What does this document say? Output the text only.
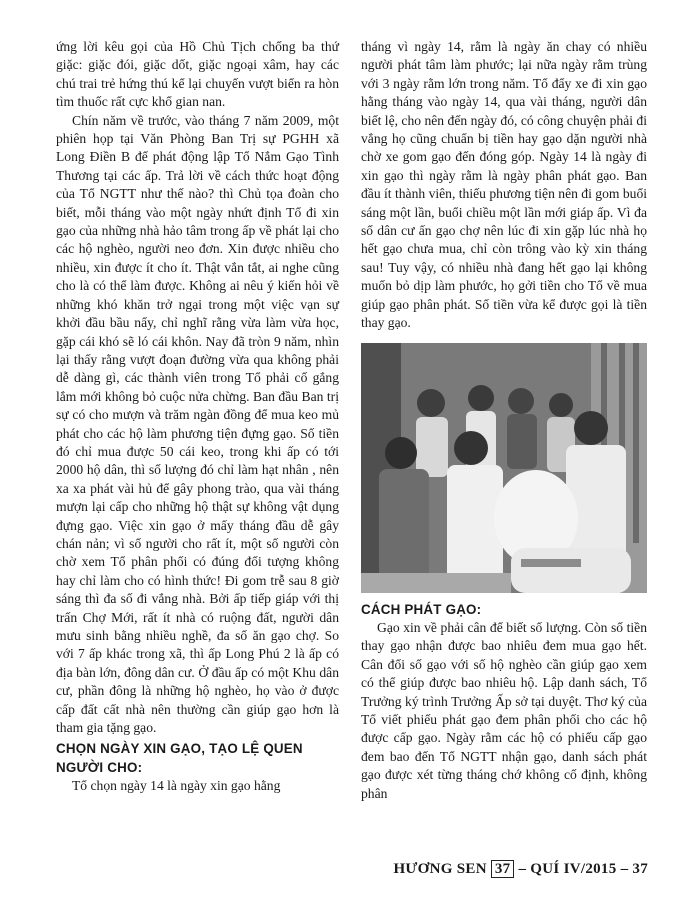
ứng lời kêu gọi của Hồ Chủ Tịch chống ba thứ giặc: giặc đói, giặc dốt, giặc ngoại xâm, hay các chú trai trẻ hứng thú kể lại chuyến vượt biển ra hòn tìm thuốc rất cực khổ gian nan.

Chín năm về trước, vào tháng 7 năm 2009, một phiên họp tại Văn Phòng Ban Trị sự PGHH xã Long Điền B để phát động lập Tổ Nắm Gạo Tình Thương tại các ấp. Trả lời về cách thức hoạt động của Tổ NGTT như thế nào? thì Chủ tọa đoàn cho biết, mỗi tháng vào một ngày nhứt định Tổ đi xin gạo của những nhà hảo tâm trong ấp về phát lại cho các hộ nghèo, người neo đơn. Xin được nhiều cho nhiều, xin được ít cho ít. Thật vắn tắt, ai nghe cũng cho là có thể làm được. Không ai nêu ý kiến hỏi về những khó khăn trở ngại trong một việc vạn sự khởi đầu bầu nẩy, chỉ nghĩ rằng vừa làm vừa học, gặp cái khó sẽ ló cái khôn. Nay đã tròn 9 năm, nhìn lại thấy rằng vượt đoạn đường vừa qua không phải dễ dàng gì, các thành viên trong Tổ phải cố gắng lắm mới không bỏ cuộc nửa chừng. Ban đầu Ban trị sự có cho mượn và trăm ngàn đồng để mua keo mủ phát cho các hộ làm phương tiện đựng gạo. Số tiền đó chỉ mua được 50 cái keo, trong khi ấp có tới 2000 hộ dân, thì số lượng đó chỉ làm hạt nhân , nên xa xa phát vài hủ để gây phong trào, qua vài tháng mượn lại cấp cho những hộ thật sự không vật dụng đựng gạo. Việc xin gạo ở mấy tháng đầu dễ gây chán nản; vì số người cho rất ít, một số người còn chờ xem Tổ phân phối có đúng đối tượng không hay chỉ làm cho có hình thức! Đi gom trễ sau 8 giờ sáng thì đa số đi vắng nhà. Bởi ấp tiếp giáp với thị trấn Chợ Mới, rất ít nhà có ruộng đất, người dân mưu sinh bằng nhiều nghề, đa số ăn gạo chợ. So với 7 ấp khác trong xã, thì ấp Long Phú 2 là ấp có địa bàn lớn, đông dân cư. Ở đầu ấp có một Khu dân cư, phần đông là những hộ nghèo, họ vào ở được cấp đất cất nhà nên thường cần giúp gạo hơn là tham gia tặng gạo.

CHỌN NGÀY XIN GẠO, TẠO LỆ QUEN NGƯỜI CHO:

Tổ chọn ngày 14 là ngày xin gạo hằng

tháng vì ngày 14, rằm là ngày ăn chay có nhiều người phát tâm làm phước; lại nữa ngày rằm trùng với 3 ngày rằm lớn trong năm. Tổ đẩy xe đi xin gạo hằng tháng vào ngày 14, qua vài tháng, người dân biết lệ, cho nên đến ngày đó, có công chuyện phải đi vắng họ cũng chuẩn bị tiền hay gạo dặn người nhà chờ xe gom gạo đến đóng góp. Ngày 14 là ngày đi xin gạo thì ngày rằm là ngày phân phát gạo. Ban đầu ít thành viên, thiếu phương tiện nên đi gom buổi sáng một lần, buổi chiều một lần mới giáp ấp. Vì đa số dân cư ấn gạo chợ nên lúc đi xin gặp lúc nhà họ hết gạo chưa mua, chỉ còn trông vào kỳ xin tháng sau! Tuy vậy, có nhiều nhà đang hết gạo lại không muốn bỏ dịp làm phước, họ gởi tiền cho Tổ về mua giúp gạo phân phát. Số tiền vừa kể được gọi là tiền thay gạo.

CÁCH PHÁT GẠO:

Gạo xin về phải cân để biết số lượng. Còn số tiền thay gạo nhận được bao nhiêu đem mua gạo hết. Cân đối số gạo với số hộ nghèo cần giúp gạo xem có thể giúp được bao nhiêu hộ. Lập danh sách, Tổ Trưởng ký trình Trưởng Ấp sở tại duyệt. Thơ ký của Tổ viết phiếu phát gạo đem phân phối cho các hộ được cấp gạo. Ngày rằm các hộ có phiếu cấp gạo đem bao đến Tổ NGTT nhận gạo, danh sách phát gạo được xét từng tháng chớ không cố định, không phân

HƯƠNG SEN 37 – QUÍ IV/2015 – 37
